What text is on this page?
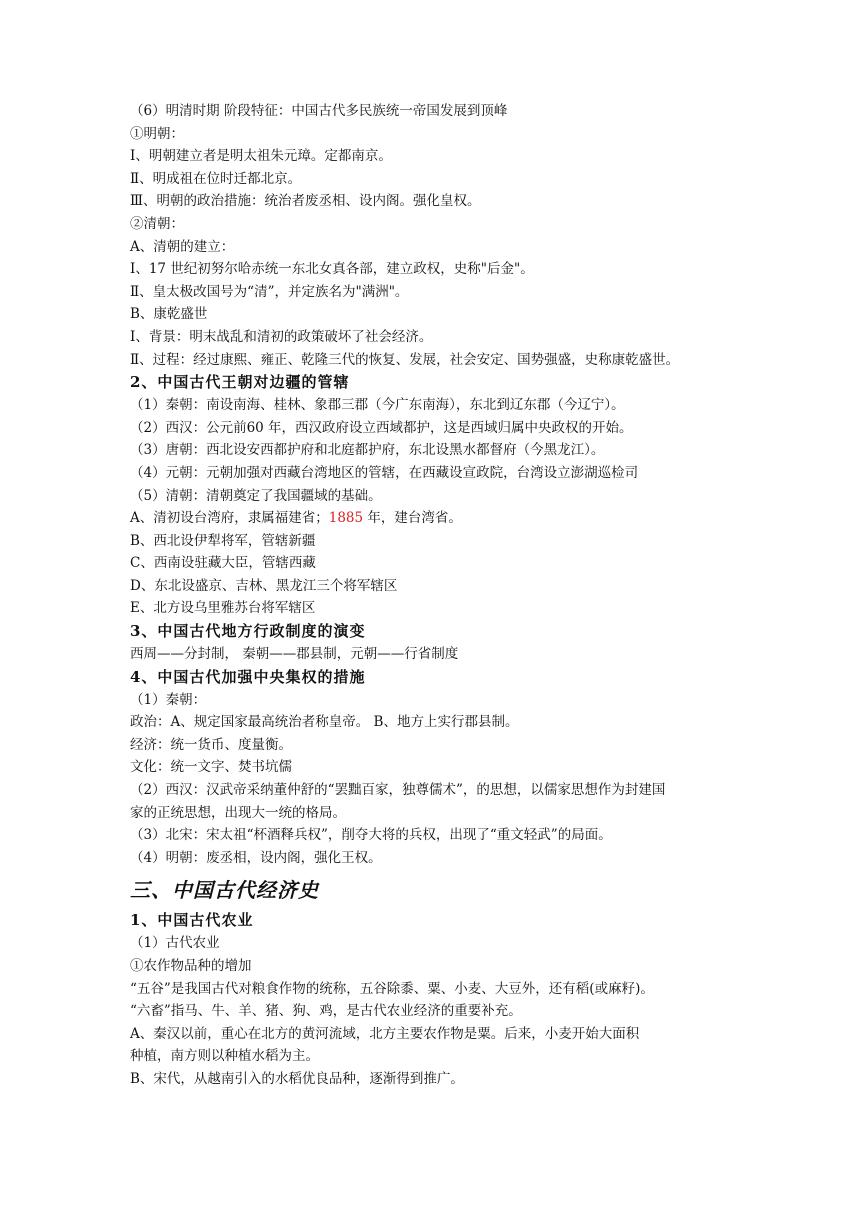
（6）明清时期 阶段特征：中国古代多民族统一帝国发展到顶峰
①明朝：
Ⅰ、明朝建立者是明太祖朱元璋。定都南京。
Ⅱ、明成祖在位时迁都北京。
Ⅲ、明朝的政治措施：统治者废丞相、设内阁。强化皇权。
②清朝：
A、清朝的建立：
Ⅰ、17 世纪初努尔哈赤统一东北女真各部，建立政权，史称"后金"。
Ⅱ、皇太极改国号为“清”，并定族名为"满洲"。
B、康乾盛世
Ⅰ、背景：明末战乱和清初的政策破坏了社会经济。
Ⅱ、过程：经过康熙、雍正、乾隆三代的恢复、发展，社会安定、国势强盛，史称康乾盛世。
2、中国古代王朝对边疆的管辖
（1）秦朝：南设南海、桂林、象郡三郡（今广东南海），东北到辽东郡（今辽宁）。
（2）西汉：公元前60 年，西汉政府设立西域都护，这是西域归属中央政权的开始。
（3）唐朝：西北设安西都护府和北庭都护府，东北设黑水都督府（今黑龙江）。
（4）元朝：元朝加强对西藏台湾地区的管辖，在西藏设宣政院，台湾设立澎湖巡检司
（5）清朝：清朝奠定了我国疆域的基础。
A、清初设台湾府，隶属福建省；1885 年，建台湾省。
B、西北设伊犁将军，管辖新疆
C、西南设驻藏大臣，管辖西藏
D、东北设盛京、吉林、黑龙江三个将军辖区
E、北方设乌里雅苏台将军辖区
3、中国古代地方行政制度的演变
西周——分封制， 秦朝——郡县制，元朝——行省制度
4、中国古代加强中央集权的措施
（1）秦朝：
政治：A、规定国家最高统治者称皇帝。 B、地方上实行郡县制。
经济：统一货币、度量衡。
文化：统一文字、焚书坑儒
（2）西汉：汉武帝采纳董仲舒的“罢黜百家，独尊儒术”，的思想，以儒家思想作为封建国
家的正统思想，出现大一统的格局。
（3）北宋：宋太祖“杯酒释兵权”，削夺大将的兵权，出现了“重文轻武”的局面。
（4）明朝：废丞相，设内阁，强化王权。
三、中国古代经济史
1、中国古代农业
（1）古代农业
①农作物品种的增加
“五谷”是我国古代对粮食作物的统称，五谷除黍、粟、小麦、大豆外，还有稻(或麻籽)。
“六畜”指马、牛、羊、猪、狗、鸡，是古代农业经济的重要补充。
A、秦汉以前，重心在北方的黄河流域，北方主要农作物是粟。后来，小麦开始大面积
种植，南方则以种植水稻为主。
B、宋代，从越南引入的水稻优良品种，逐渐得到推广。
